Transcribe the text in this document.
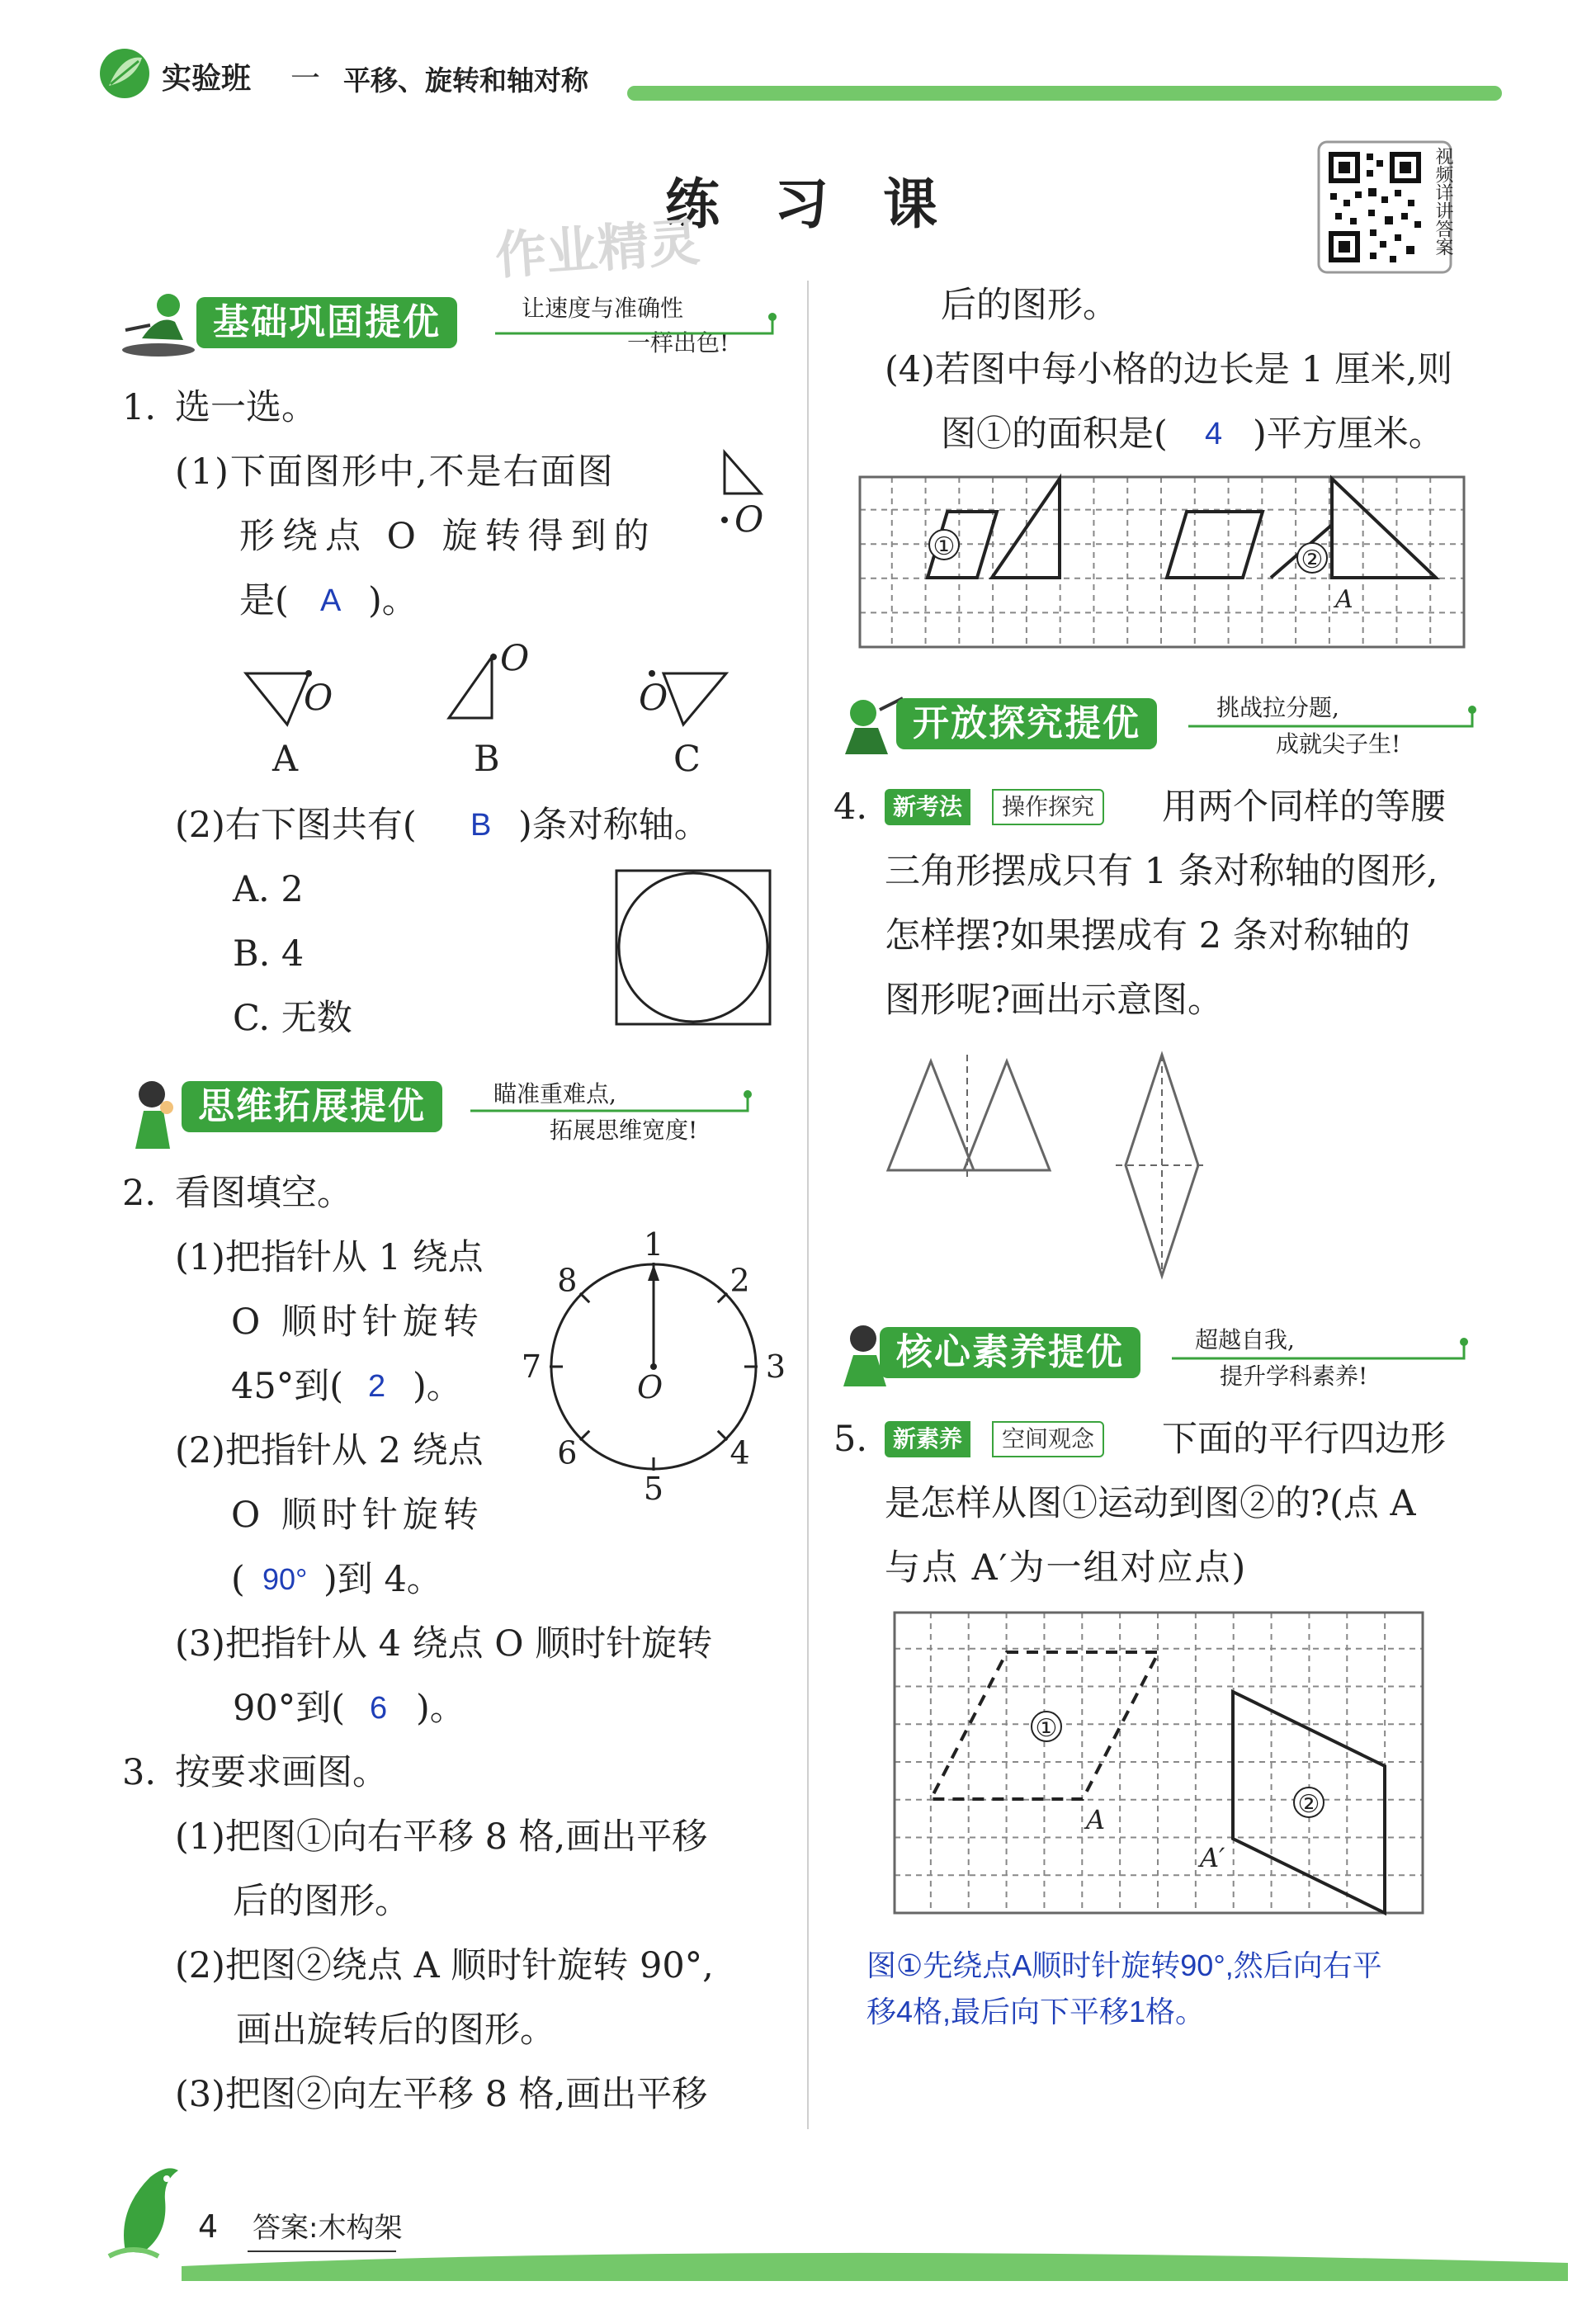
实验班 一 平移、旋转和轴对称
练　习　课
作业精灵	视频详讲答案
基础巩固提优	让速度与准确性
一样出色!
1. 选一选。
(1)下面图形中,不是右面图
形绕点 O 旋转得到的
是( A )。
O
O
A
O
B
O
C
(2)右下图共有( B )条对称轴。
A. 2
B. 4
C. 无数
思维拓展提优	瞄准重难点,
拓展思维宽度!
2. 看图填空。
(1)把指针从 1 绕点
O 顺时针旋转
45°到( 2 )。
(2)把指针从 2 绕点
O 顺时针旋转
( 90° )到 4。
1
2
3
4
5
6
7
8
O
(3)把指针从 4 绕点 O 顺时针旋转
90°到( 6 )。
3. 按要求画图。
(1)把图①向右平移 8 格,画出平移
后的图形。
(2)把图②绕点 A 顺时针旋转 90°,
画出旋转后的图形。
(3)把图②向左平移 8 格,画出平移
后的图形。
(4)若图中每小格的边长是 1 厘米,则
图①的面积是( 4 )平方厘米。
①	②
A
开放探究提优	挑战拉分题,
成就尖子生!
4.	新考法	操作探究 用两个同样的等腰
三角形摆成只有 1 条对称轴的图形,
怎样摆?如果摆成有 2 条对称轴的
图形呢?画出示意图。
核心素养提优	超越自我,
提升学科素养!
5.	新素养	空间观念 下面的平行四边形
是怎样从图①运动到图②的?(点 A
与点 A′为一组对应点)
①
②
A
A′
图①先绕点A顺时针旋转90°,然后向右平
移4格,最后向下平移1格。
4 答案:木构架
